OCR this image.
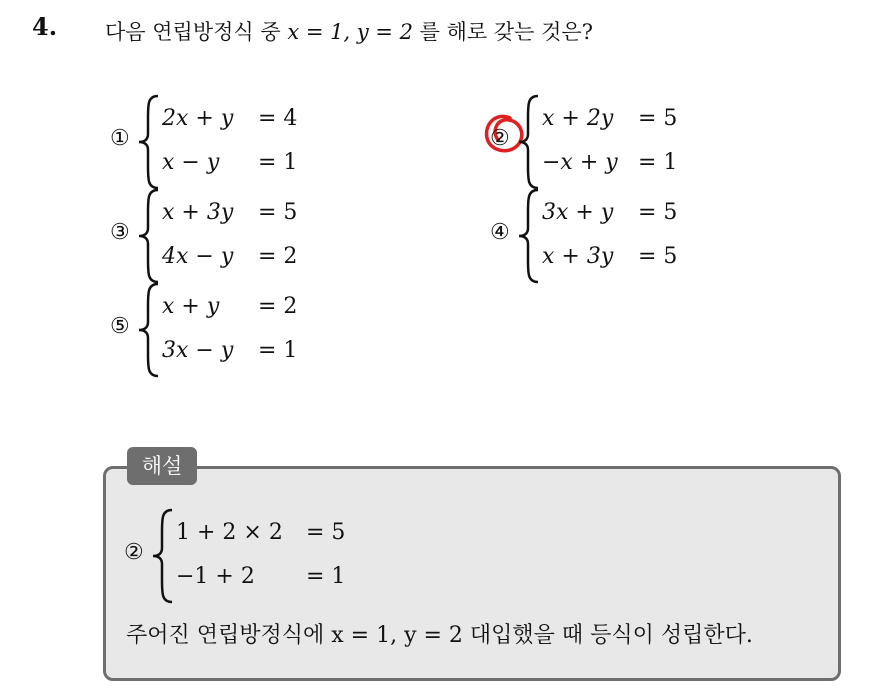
4. 다음 연립방정식 중 x = 1, y = 2 를 해로 갖는 것은?
①
2x + y = 4
x − y = 1
②
x + 2y = 5
−x + y = 1
③
x + 3y = 5
4x − y = 2
④
3x + y = 5
x + 3y = 5
⑤
x + y = 2
3x − y = 1
해설
②
1 + 2 × 2 = 5
−1 + 2 = 1
주어진 연립방정식에 x = 1, y = 2 대입했을 때 등식이 성립한다.
